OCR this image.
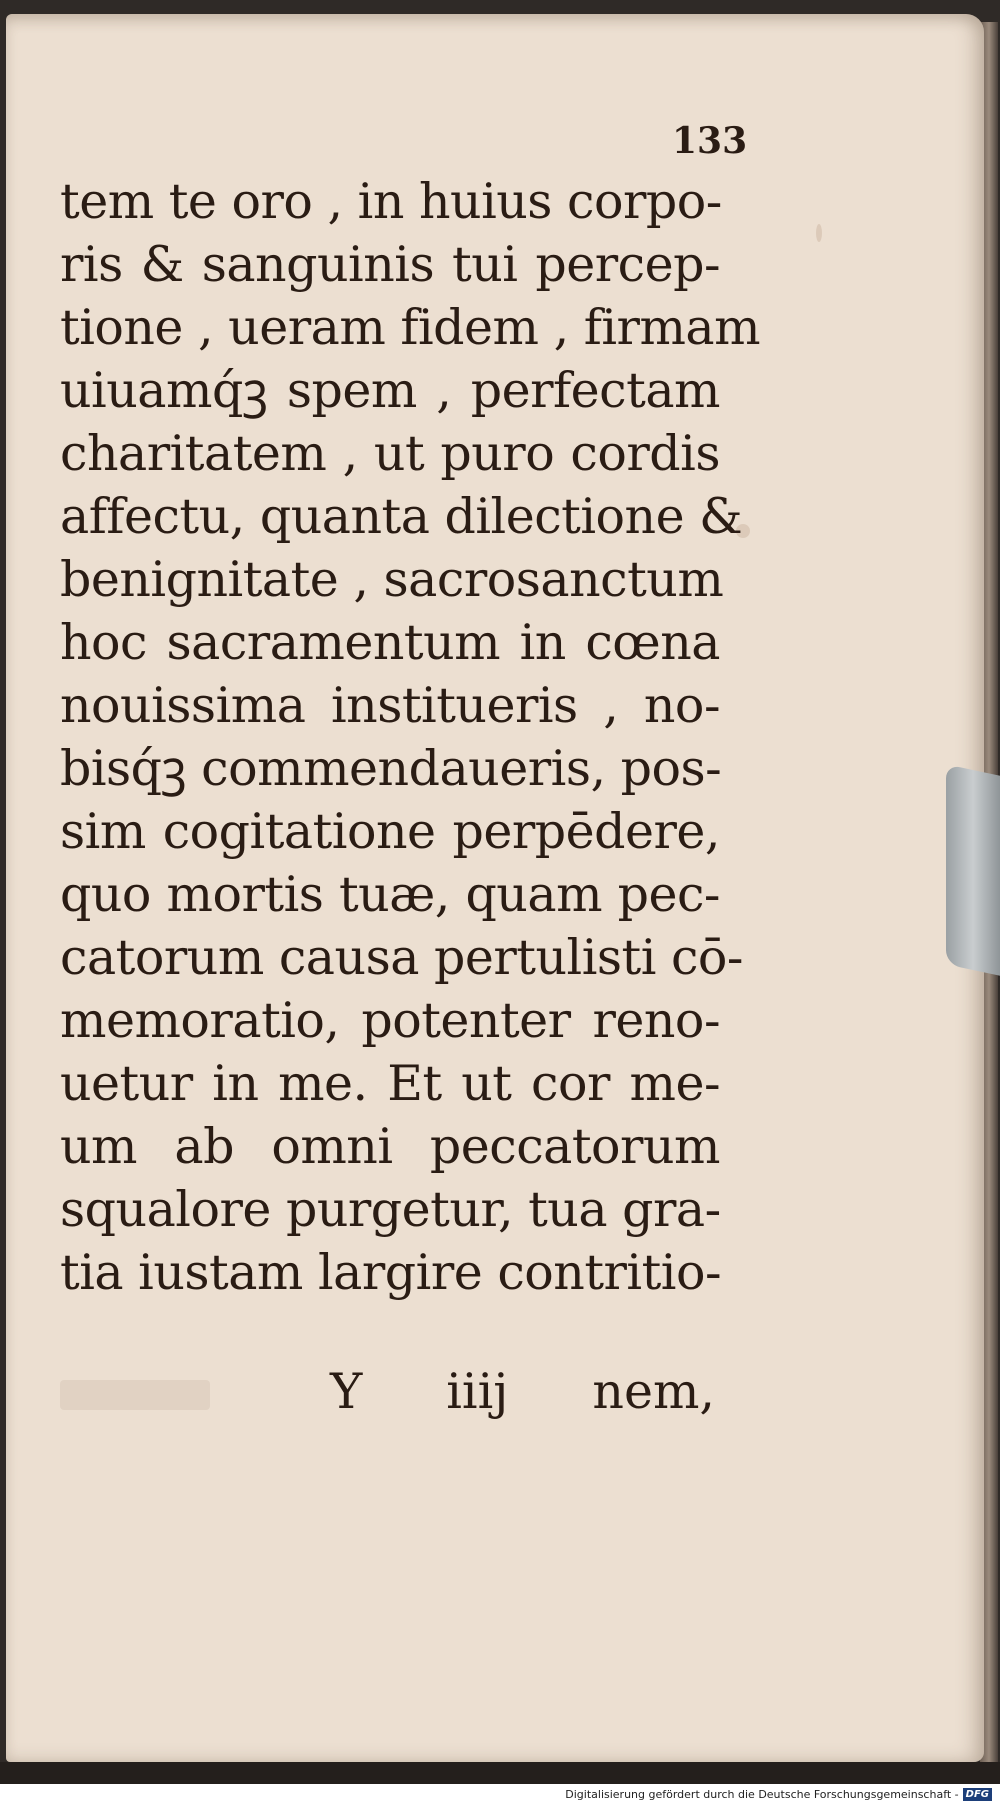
133
tem te oro , in huius corpo-
ris & sanguinis tui percep-
tione , ueram fidem , firmam
uiuamq́ꝫ spem , perfectam
charitatem , ut puro cordis
affectu, quanta dilectione &
benignitate , sacrosanctum
hoc sacramentum in cœna
nouissima institueris , no-
bisq́ꝫ commendaueris, pos-
sim cogitatione perpēdere,
quo mortis tuæ, quam pec-
catorum causa pertulisti cō-
memoratio, potenter reno-
uetur in me. Et ut cor me-
um ab omni peccatorum
squalore purgetur, tua gra-
tia iustam largire contritio-
Y iiij nem,
Digitalisierung gefördert durch die Deutsche Forschungsgemeinschaft - DFG
